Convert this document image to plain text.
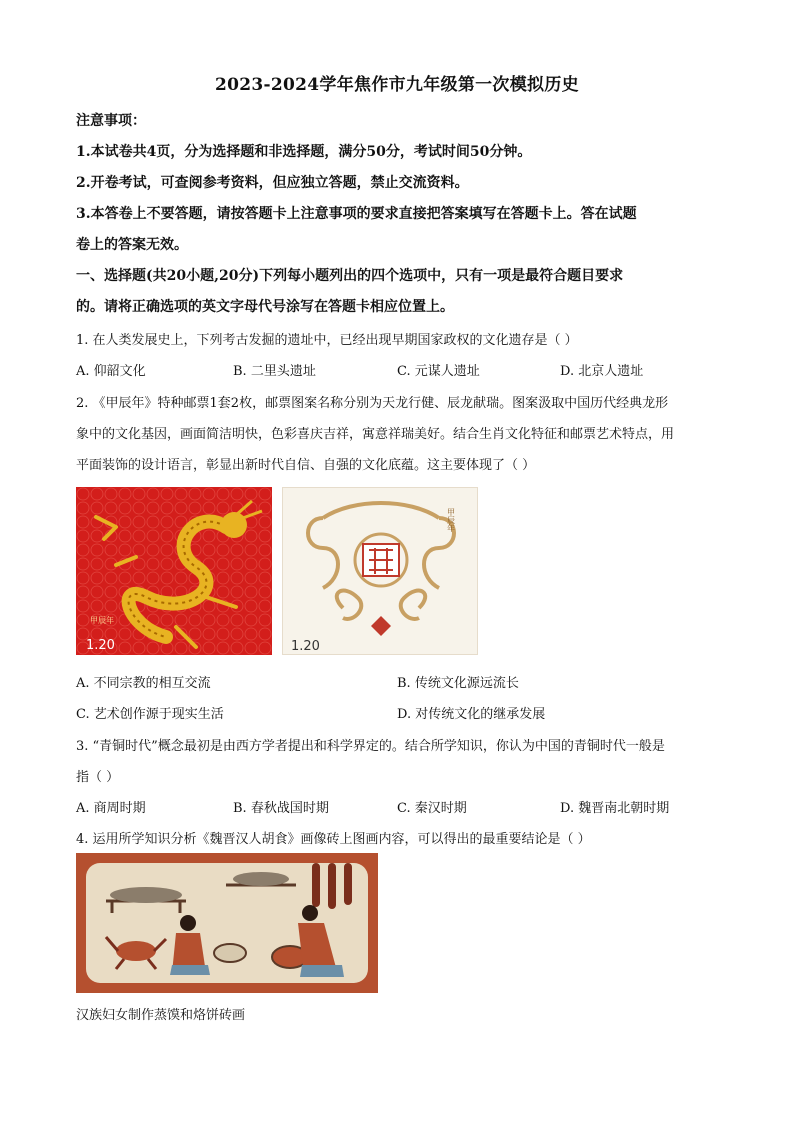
2023-2024学年焦作市九年级第一次模拟历史
注意事项：
1.本试卷共4页，分为选择题和非选择题，满分50分，考试时间50分钟。
2.开卷考试，可查阅参考资料，但应独立答题，禁止交流资料。
3.本答卷上不要答题，请按答题卡上注意事项的要求直接把答案填写在答题卡上。答在试题
卷上的答案无效。
一、选择题(共20小题,20分)下列每小题列出的四个选项中，只有一项是最符合题目要求
的。请将正确选项的英文字母代号涂写在答题卡相应位置上。
1. 在人类发展史上，下列考古发掘的遗址中，已经出现早期国家政权的文化遗存是（ ）
A. 仰韶文化	B. 二里头遗址	C. 元谋人遗址	D. 北京人遗址
2. 《甲辰年》特种邮票1套2枚，邮票图案名称分别为天龙行健、辰龙献瑞。图案汲取中国历代经典龙形
象中的文化基因，画面简洁明快，色彩喜庆吉祥，寓意祥瑞美好。结合生肖文化特征和邮票艺术特点，用
平面装饰的设计语言，彰显出新时代自信、自强的文化底蕴。这主要体现了（ ）
1.20
甲辰年
甲辰年
1.20
A. 不同宗教的相互交流	B. 传统文化源远流长
C. 艺术创作源于现实生活	D. 对传统文化的继承发展
3. “青铜时代”概念最初是由西方学者提出和科学界定的。结合所学知识，你认为中国的青铜时代一般是
指（ ）
A. 商周时期	B. 春秋战国时期	C. 秦汉时期	D. 魏晋南北朝时期
4. 运用所学知识分析《魏晋汉人胡食》画像砖上图画内容，可以得出的最重要结论是（ ）
汉族妇女制作蒸馍和烙饼砖画
